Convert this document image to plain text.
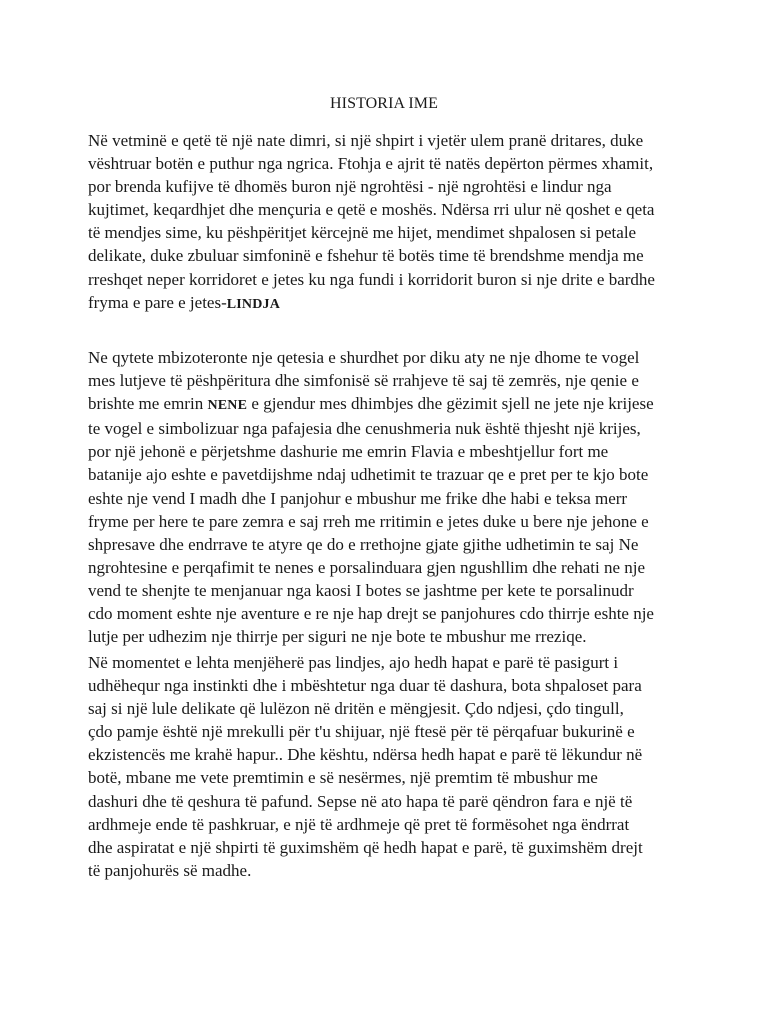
HISTORIA IME

Në vetminë e qetë të një nate dimri, si një shpirt i vjetër ulem pranë dritares, duke
vështruar botën e puthur nga ngrica. Ftohja e ajrit të natës depërton përmes xhamit,
por brenda kufijve të dhomës buron një ngrohtësi - një ngrohtësi e lindur nga
kujtimet, keqardhjet dhe mençuria e qetë e moshës. Ndërsa rri ulur në qoshet e qeta
të mendjes sime, ku pëshpëritjet kërcejnë me hijet, mendimet shpalosen si petale
delikate, duke zbuluar simfoninë e fshehur të botës time të brendshme mendja me
rreshqet neper korridoret e jetes ku nga fundi i korridorit buron si nje drite e bardhe
fryma e pare e jetes-LINDJA

Ne qytete mbizoteronte nje qetesia e shurdhet por diku aty ne nje dhome te vogel
mes lutjeve të pëshpëritura dhe simfonisë së rrahjeve të saj të zemrës, nje qenie e
brishte me emrin NENE e gjendur mes dhimbjes dhe gëzimit sjell ne jete nje krijese
te vogel e simbolizuar nga pafajesia dhe cenushmeria nuk është thjesht një krijes,
por një jehonë e përjetshme dashurie me emrin Flavia e mbeshtjellur fort me
batanije ajo eshte e pavetdijshme ndaj udhetimit te trazuar qe e pret per te kjo bote
eshte nje vend I madh dhe I panjohur e mbushur me frike dhe habi e teksa merr
fryme per here te pare zemra e saj rreh me rritimin e jetes duke u bere nje jehone e
shpresave dhe endrrave te atyre qe do e rrethojne gjate gjithe udhetimin te saj Ne
ngrohtesine e perqafimit te nenes e porsalinduara gjen ngushllim dhe rehati ne nje
vend te shenjte te menjanuar nga kaosi I botes se jashtme per kete te porsalinudr
cdo moment eshte nje aventure e re nje hap drejt se panjohures cdo thirrje eshte nje
lutje per udhezim nje thirrje per siguri ne nje bote te mbushur me rreziqe.

Në momentet e lehta menjëherë pas lindjes, ajo hedh hapat e parë të pasigurt i
udhëhequr nga instinkti dhe i mbështetur nga duar të dashura, bota shpaloset para
saj si një lule delikate që lulëzon në dritën e mëngjesit. Çdo ndjesi, çdo tingull,
çdo pamje është një mrekulli për t'u shijuar, një ftesë për të përqafuar bukurinë e
ekzistencës me krahë hapur.. Dhe kështu, ndërsa hedh hapat e parë të lëkundur në
botë, mbane me vete premtimin e së nesërmes, një premtim të mbushur me
dashuri dhe të qeshura të pafund. Sepse në ato hapa të parë qëndron fara e një të
ardhmeje ende të pashkruar, e një të ardhmeje që pret të formësohet nga ëndrrat
dhe aspiratat e një shpirti të guximshëm që hedh hapat e parë, të guximshëm drejt
të panjohurës së madhe.
